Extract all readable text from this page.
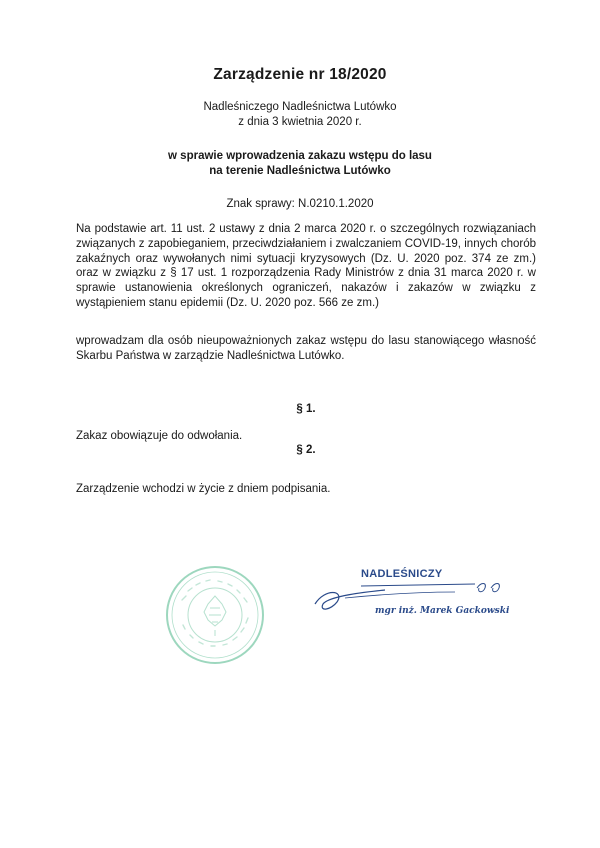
Zarządzenie nr 18/2020
Nadleśniczego Nadleśnictwa Lutówko
z dnia 3 kwietnia 2020 r.
w sprawie wprowadzenia zakazu wstępu do lasu
na terenie Nadleśnictwa Lutówko
Znak sprawy: N.0210.1.2020
Na podstawie art. 11 ust. 2 ustawy z dnia 2 marca 2020 r. o szczególnych rozwiązaniach związanych z zapobieganiem, przeciwdziałaniem i zwalczaniem COVID-19, innych chorób zakaźnych oraz wywołanych nimi sytuacji kryzysowych (Dz. U. 2020 poz. 374 ze zm.) oraz w związku z § 17 ust. 1 rozporządzenia Rady Ministrów z dnia 31 marca 2020 r. w sprawie ustanowienia określonych ograniczeń, nakazów i zakazów w związku z wystąpieniem stanu epidemii (Dz. U. 2020 poz. 566 ze zm.)
wprowadzam dla osób nieupoważnionych zakaz wstępu do lasu stanowiącego własność Skarbu Państwa w zarządzie Nadleśnictwa Lutówko.
§ 1.
Zakaz obowiązuje do odwołania.
§ 2.
Zarządzenie wchodzi w życie z dniem podpisania.
NADLEŚNICZY
mgr inż. Marek Gackowski
